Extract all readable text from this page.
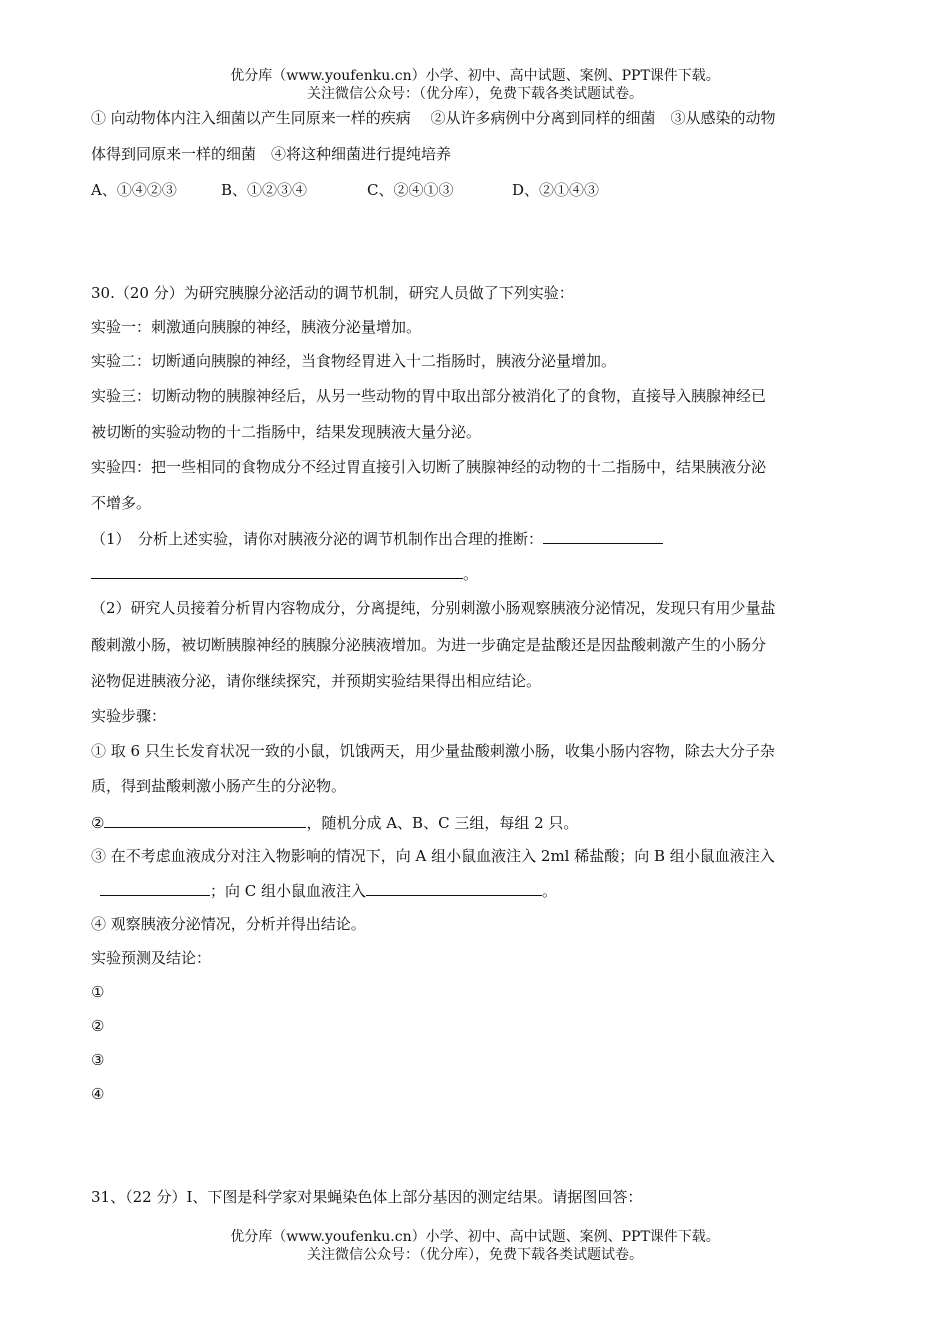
优分库（www.youfenku.cn）小学、初中、高中试题、案例、PPT课件下载。
关注微信公众号：（优分库），免费下载各类试题试卷。
① 向动物体内注入细菌以产生同原来一样的疾病　 ②从许多病例中分离到同样的细菌　③从感染的动物
体得到同原来一样的细菌　④将这种细菌进行提纯培养
A、①④②③	B、①②③④	C、②④①③	D、②①④③
30.（20 分）为研究胰腺分泌活动的调节机制，研究人员做了下列实验：
实验一：刺激通向胰腺的神经，胰液分泌量增加。
实验二：切断通向胰腺的神经，当食物经胃进入十二指肠时，胰液分泌量增加。
实验三：切断动物的胰腺神经后，从另一些动物的胃中取出部分被消化了的食物，直接导入胰腺神经已
被切断的实验动物的十二指肠中，结果发现胰液大量分泌。
实验四：把一些相同的食物成分不经过胃直接引入切断了胰腺神经的动物的十二指肠中，结果胰液分泌
不增多。
（1）　分析上述实验，请你对胰液分泌的调节机制作出合理的推断：
。
（2）研究人员接着分析胃内容物成分，分离提纯，分别刺激小肠观察胰液分泌情况，发现只有用少量盐
酸刺激小肠，被切断胰腺神经的胰腺分泌胰液增加。为进一步确定是盐酸还是因盐酸刺激产生的小肠分
泌物促进胰液分泌，请你继续探究，并预期实验结果得出相应结论。
实验步骤：
① 取 6 只生长发育状况一致的小鼠，饥饿两天，用少量盐酸刺激小肠，收集小肠内容物，除去大分子杂
质，得到盐酸刺激小肠产生的分泌物。
②	，随机分成 A、B、C 三组，每组 2 只。
③ 在不考虑血液成分对注入物影响的情况下，向 A 组小鼠血液注入 2ml 稀盐酸；向 B 组小鼠血液注入
；向 C 组小鼠血液注入	。
④ 观察胰液分泌情况，分析并得出结论。
实验预测及结论：
①
②
③
④
31、（22 分）Ⅰ、下图是科学家对果蝇染色体上部分基因的测定结果。请据图回答：
优分库（www.youfenku.cn）小学、初中、高中试题、案例、PPT课件下载。
关注微信公众号：（优分库），免费下载各类试题试卷。
